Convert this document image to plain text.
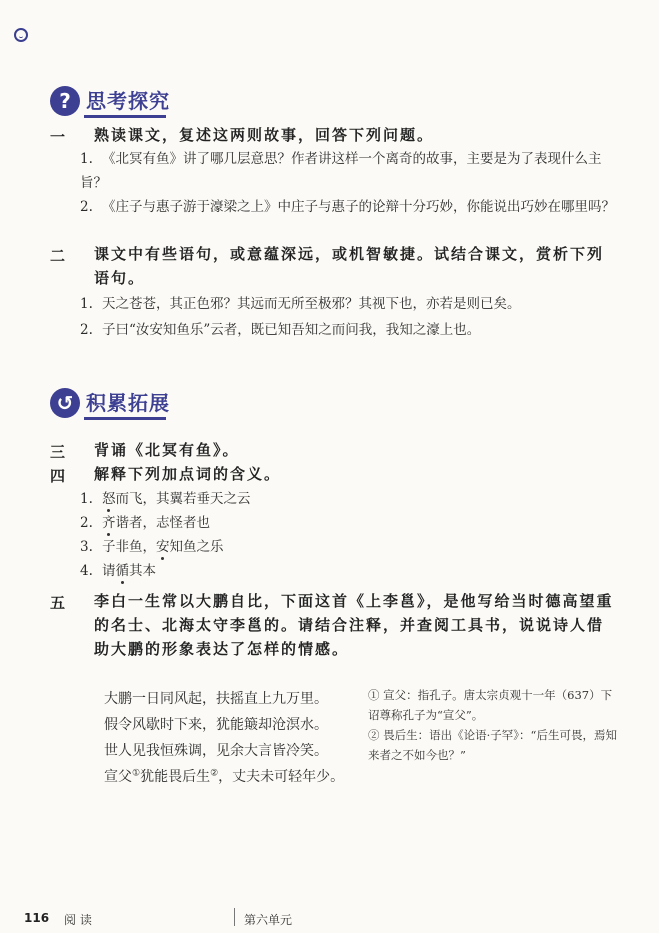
? 思考探究
一 熟读课文，复述这两则故事，回答下列问题。
1. 《北冥有鱼》讲了哪几层意思？作者讲这样一个离奇的故事，主要是为了表现什么主旨？
2. 《庄子与惠子游于濠梁之上》中庄子与惠子的论辩十分巧妙，你能说出巧妙在哪里吗？
二 课文中有些语句，或意蕴深远，或机智敏捷。试结合课文，赏析下列语句。
1. 天之苍苍，其正色邪？其远而无所至极邪？其视下也，亦若是则已矣。
2. 子曰“汝安知鱼乐”云者，既已知吾知之而问我，我知之濠上也。
↺ 积累拓展
三 背诵《北冥有鱼》。
四 解释下列加点词的含义。
1. 怒而飞，其翼若垂天之云
2. 齐谐者，志怪者也
3. 子非鱼，安知鱼之乐
4. 请循其本
五 李白一生常以大鹏自比，下面这首《上李邕》，是他写给当时德高望重的名士、北海太守李邕的。请结合注释，并查阅工具书，说说诗人借助大鹏的形象表达了怎样的情感。
大鹏一日同风起，扶摇直上九万里。
假令风歇时下来，犹能簸却沧溟水。
世人见我恒殊调，见余大言皆冷笑。
宣父①犹能畏后生②，丈夫未可轻年少。
① 宣父：指孔子。唐太宗贞观十一年（637）下诏尊称孔子为“宣父”。
② 畏后生：语出《论语·子罕》：“后生可畏，焉知来者之不如今也？”
116 阅 读	第六单元
